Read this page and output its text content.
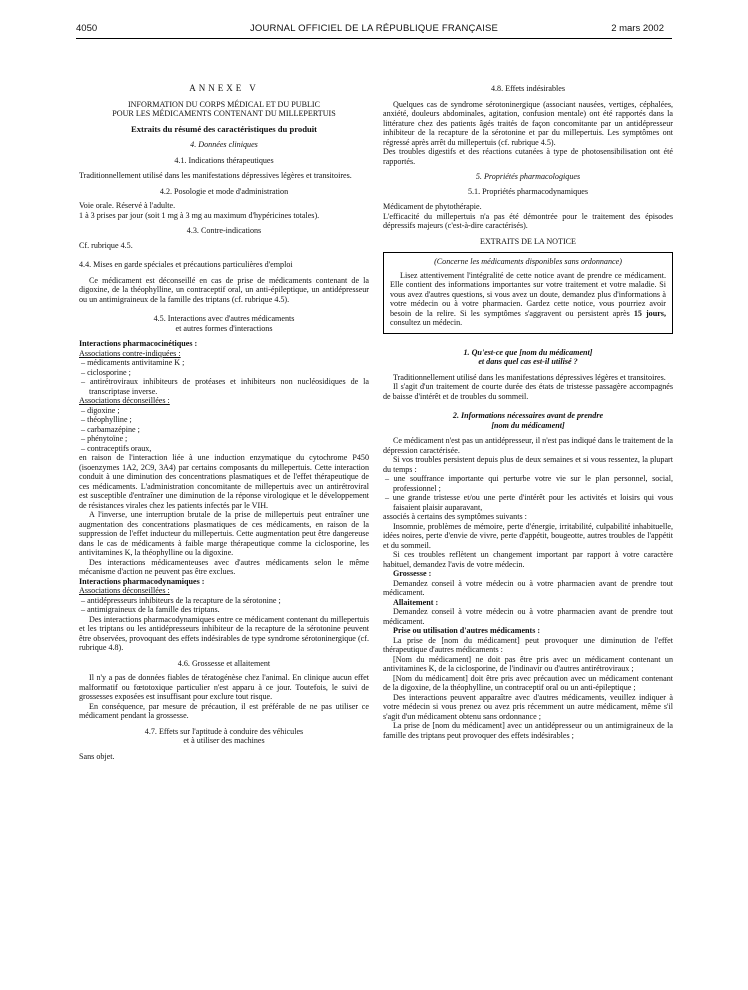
4050	JOURNAL OFFICIEL DE LA RÉPUBLIQUE FRANÇAISE	2 mars 2002

ANNEXE V

INFORMATION DU CORPS MÉDICAL ET DU PUBLIC

POUR LES MÉDICAMENTS CONTENANT DU MILLEPERTUIS

Extraits du résumé des caractéristiques du produit

4. Données cliniques

4.1. Indications thérapeutiques

Traditionnellement utilisé dans les manifestations dépressives légères et transitoires.

4.2. Posologie et mode d'administration

Voie orale. Réservé à l'adulte.

1 à 3 prises par jour (soit 1 mg à 3 mg au maximum d'hypéricines totales).

4.3. Contre-indications

Cf. rubrique 4.5.

4.4. Mises en garde spéciales et précautions particulières d'emploi

Ce médicament est déconseillé en cas de prise de médicaments contenant de la digoxine, de la théophylline, un contraceptif oral, un anti-épileptique, un antidépresseur ou un antimigraineux de la famille des triptans (cf. rubrique 4.5).

4.5. Interactions avec d'autres médicaments

et autres formes d'interactions

Interactions pharmacocinétiques :

Associations contre-indiquées :

– médicaments antivitamine K ;

– ciclosporine ;

– antirétroviraux inhibiteurs de protéases et inhibiteurs non nucléosidiques de la transcriptase inverse.

Associations déconseillées :

– digoxine ;

– théophylline ;

– carbamazépine ;

– phénytoïne ;

– contraceptifs oraux,

en raison de l'interaction liée à une induction enzymatique du cytochrome P450 (isoenzymes 1A2, 2C9, 3A4) par certains composants du millepertuis. Cette interaction conduit à une diminution des concentrations plasmatiques et de l'effet thérapeutique de ces médicaments. L'administration concomitante de millepertuis avec un antirétroviral est susceptible d'entraîner une diminution de la réponse virologique et le développement de résistances virales chez les patients infectés par le VIH.

A l'inverse, une interruption brutale de la prise de millepertuis peut entraîner une augmentation des concentrations plasmatiques de ces médicaments, en raison de la suppression de l'effet inducteur du millepertuis. Cette augmentation peut être dangereuse dans le cas de médicaments à faible marge thérapeutique comme la ciclosporine, les antivitamines K, la théophylline ou la digoxine.

Des interactions médicamenteuses avec d'autres médicaments selon le même mécanisme d'action ne peuvent pas être exclues.

Interactions pharmacodynamiques :

Associations déconseillées :

– antidépresseurs inhibiteurs de la recapture de la sérotonine ;

– antimigraineux de la famille des triptans.

Des interactions pharmacodynamiques entre ce médicament contenant du millepertuis et les triptans ou les antidépresseurs inhibiteur de la recapture de la sérotonine peuvent être observées, provoquant des effets indésirables de type syndrome sérotoninergique (cf. rubrique 4.8).

4.6. Grossesse et allaitement

Il n'y a pas de données fiables de tératogénèse chez l'animal. En clinique aucun effet malformatif ou fœtotoxique particulier n'est apparu à ce jour. Toutefois, le suivi de grossesses exposées est insuffisant pour exclure tout risque.

En conséquence, par mesure de précaution, il est préférable de ne pas utiliser ce médicament pendant la grossesse.

4.7. Effets sur l'aptitude à conduire des véhicules

et à utiliser des machines

Sans objet.

4.8. Effets indésirables

Quelques cas de syndrome sérotoninergique (associant nausées, vertiges, céphalées, anxiété, douleurs abdominales, agitation, confusion mentale) ont été rapportés dans la littérature chez des patients âgés traités de façon concomitante par un antidépresseur inhibiteur de la recapture de la sérotonine et par du millepertuis. Les symptômes ont régressé après arrêt du millepertuis (cf. rubrique 4.5).

Des troubles digestifs et des réactions cutanées à type de photosensibilisation ont été rapportés.

5. Propriétés pharmacologiques

5.1. Propriétés pharmacodynamiques

Médicament de phytothérapie.

L'efficacité du millepertuis n'a pas été démontrée pour le traitement des épisodes dépressifs majeurs (c'est-à-dire caractérisés).

EXTRAITS DE LA NOTICE

(Concerne les médicaments disponibles sans ordonnance)

Lisez attentivement l'intégralité de cette notice avant de prendre ce médicament. Elle contient des informations importantes sur votre traitement et votre maladie. Si vous avez d'autres questions, si vous avez un doute, demandez plus d'informations à votre médecin ou à votre pharmacien. Gardez cette notice, vous pourriez avoir besoin de la relire. Si les symptômes s'aggravent ou persistent après 15 jours, consultez un médecin.

1. Qu'est-ce que [nom du médicament]

et dans quel cas est-il utilisé ?

Traditionnellement utilisé dans les manifestations dépressives légères et transitoires.

Il s'agit d'un traitement de courte durée des états de tristesse passagère accompagnés de baisse d'intérêt et de troubles du sommeil.

2. Informations nécessaires avant de prendre

[nom du médicament]

Ce médicament n'est pas un antidépresseur, il n'est pas indiqué dans le traitement de la dépression caractérisée.

Si vos troubles persistent depuis plus de deux semaines et si vous ressentez, la plupart du temps :

– une souffrance importante qui perturbe votre vie sur le plan personnel, social, professionnel ;

– une grande tristesse et/ou une perte d'intérêt pour les activités et loisirs qui vous faisaient plaisir auparavant,

associés à certains des symptômes suivants :

Insomnie, problèmes de mémoire, perte d'énergie, irritabilité, culpabilité inhabituelle, idées noires, perte d'envie de vivre, perte d'appétit, bougeotte, autres troubles de l'appétit et du sommeil.

Si ces troubles reflètent un changement important par rapport à votre caractère habituel, demandez l'avis de votre médecin.

Grossesse :

Demandez conseil à votre médecin ou à votre pharmacien avant de prendre tout médicament.

Allaitement :

Demandez conseil à votre médecin ou à votre pharmacien avant de prendre tout médicament.

Prise ou utilisation d'autres médicaments :

La prise de [nom du médicament] peut provoquer une diminution de l'effet thérapeutique d'autres médicaments :

[Nom du médicament] ne doit pas être pris avec un médicament contenant un antivitamines K, de la ciclosporine, de l'indinavir ou d'autres antirétroviraux ;

[Nom du médicament] doit être pris avec précaution avec un médicament contenant de la digoxine, de la théophylline, un contraceptif oral ou un anti-épileptique ;

Des interactions peuvent apparaître avec d'autres médicaments, veuillez indiquer à votre médecin si vous prenez ou avez pris récemment un autre médicament, même s'il s'agit d'un médicament obtenu sans ordonnance ;

La prise de [nom du médicament] avec un antidépresseur ou un antimigraineux de la famille des triptans peut provoquer des effets indésirables ;
